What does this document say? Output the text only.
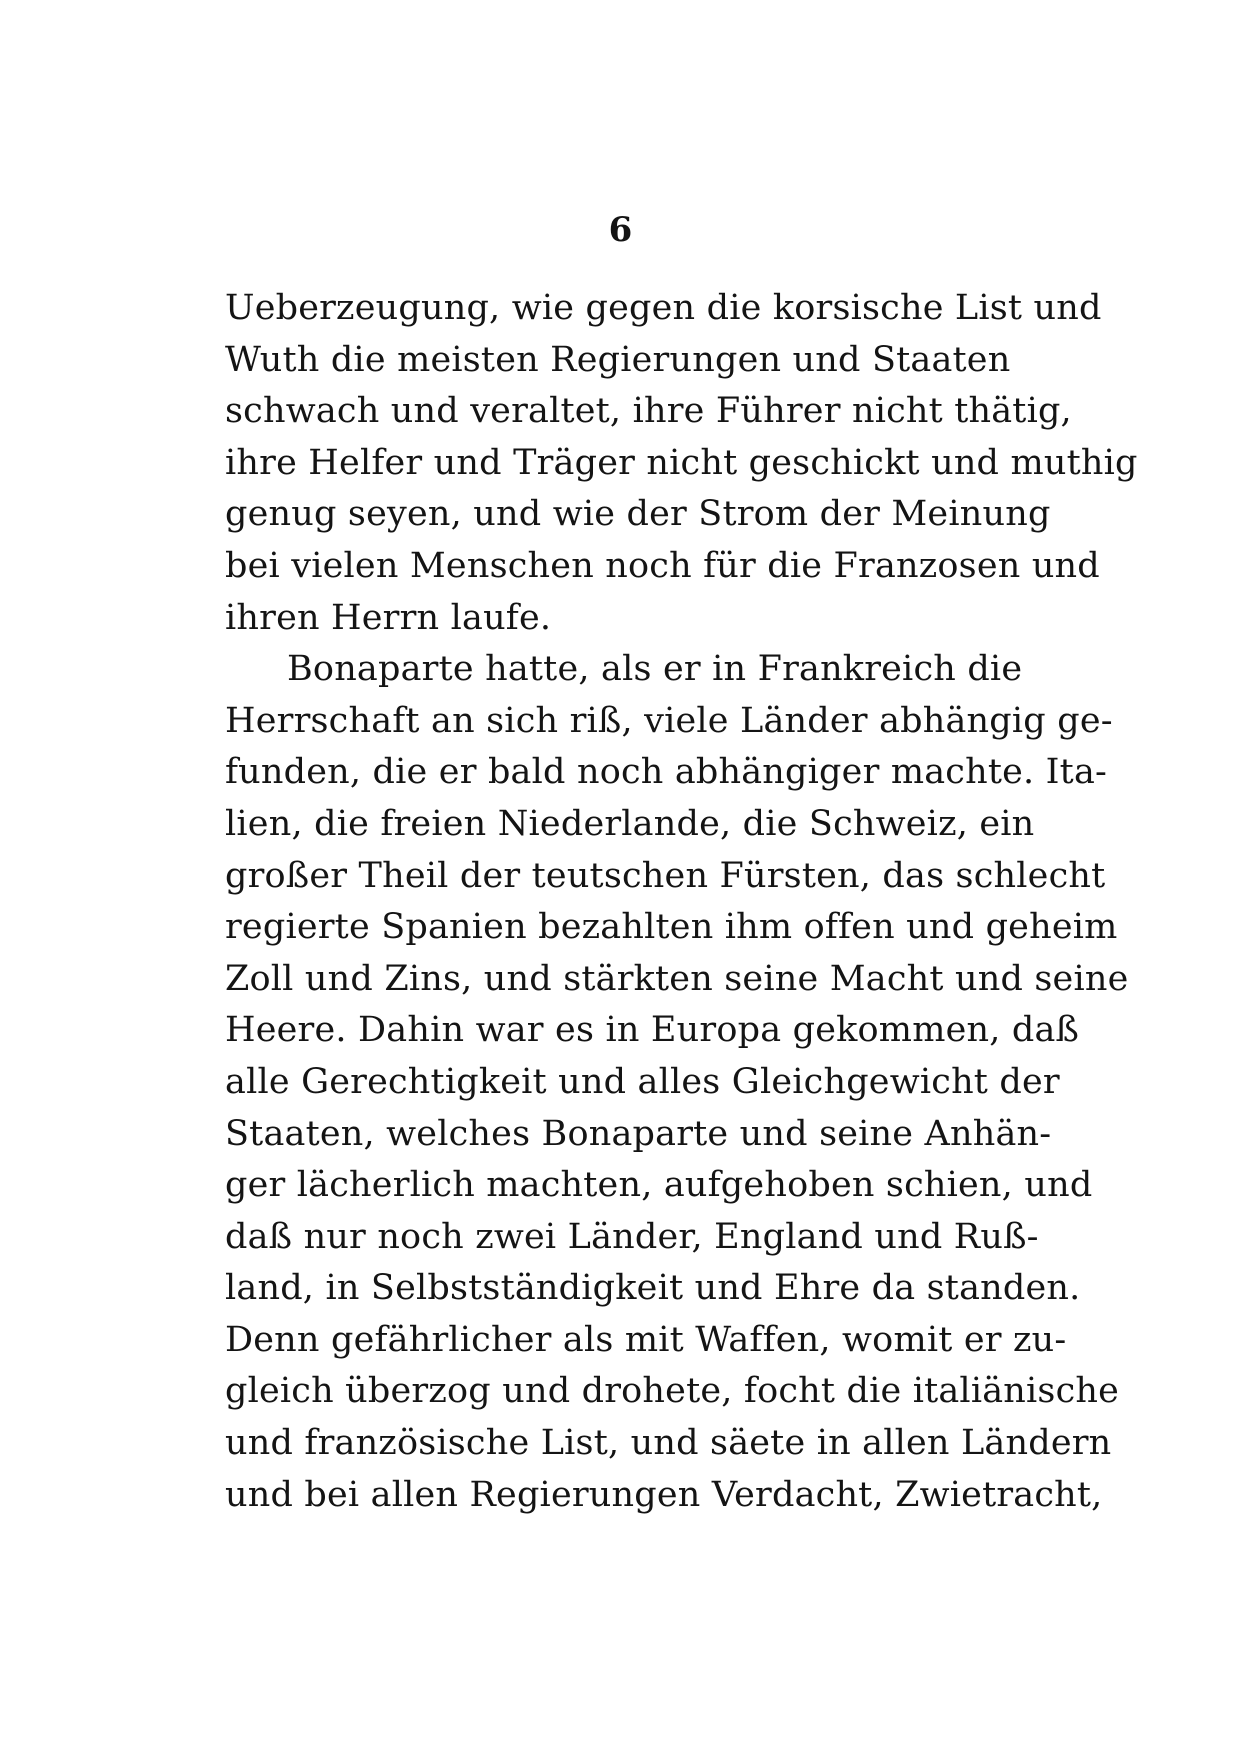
6
Ueberzeugung, wie gegen die korsische List und
Wuth die meisten Regierungen und Staaten
schwach und veraltet, ihre Führer nicht thätig,
ihre Helfer und Träger nicht geschickt und muthig
genug seyen, und wie der Strom der Meinung
bei vielen Menschen noch für die Franzosen und
ihren Herrn laufe.
Bonaparte hatte, als er in Frankreich die
Herrschaft an sich riß, viele Länder abhängig ge-
funden, die er bald noch abhängiger machte. Ita-
lien, die freien Niederlande, die Schweiz, ein
großer Theil der teutschen Fürsten, das schlecht
regierte Spanien bezahlten ihm offen und geheim
Zoll und Zins, und stärkten seine Macht und seine
Heere. Dahin war es in Europa gekommen, daß
alle Gerechtigkeit und alles Gleichgewicht der
Staaten, welches Bonaparte und seine Anhän-
ger lächerlich machten, aufgehoben schien, und
daß nur noch zwei Länder, England und Ruß-
land, in Selbstständigkeit und Ehre da standen.
Denn gefährlicher als mit Waffen, womit er zu-
gleich überzog und drohete, focht die italiänische
und französische List, und säete in allen Ländern
und bei allen Regierungen Verdacht, Zwietracht,
